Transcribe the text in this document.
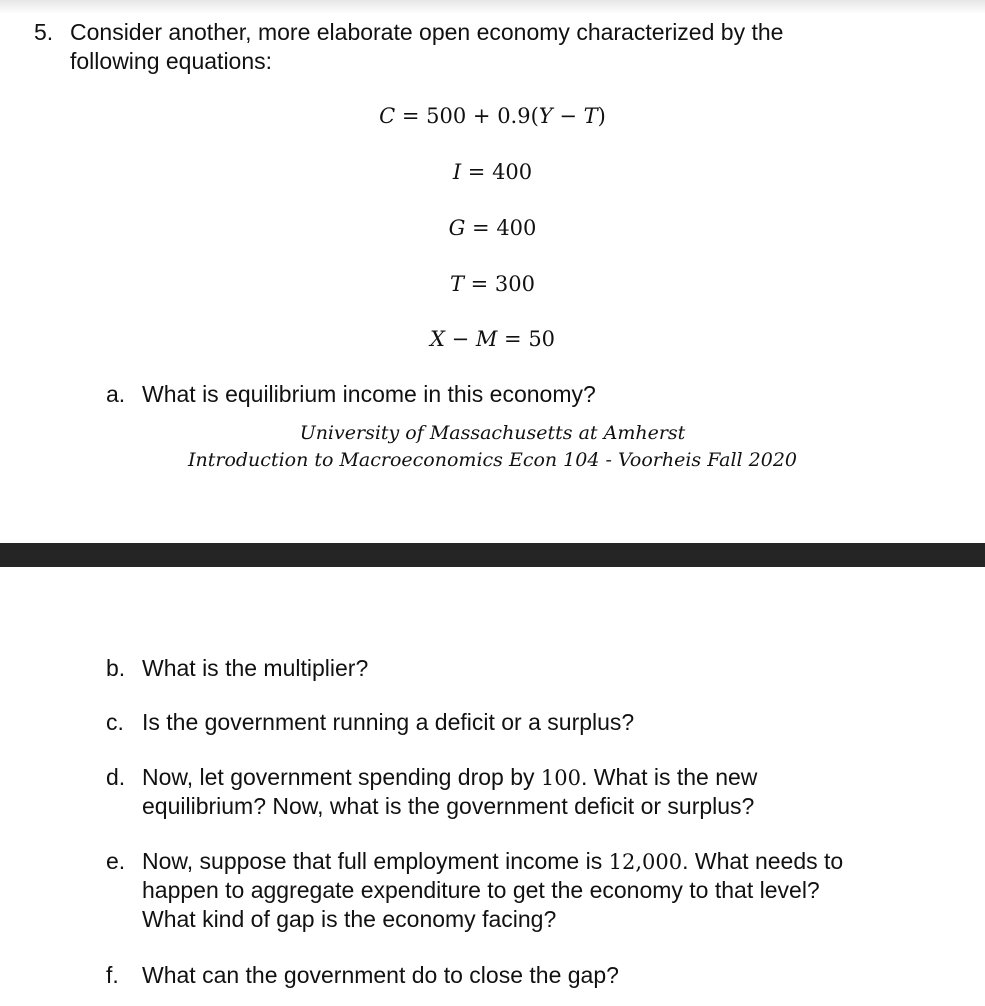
5. Consider another, more elaborate open economy characterized by the
following equations:
C = 500 + 0.9(Y − T)
I = 400
G = 400
T = 300
X − M = 50
a. What is equilibrium income in this economy?
University of Massachusetts at Amherst
Introduction to Macroeconomics Econ 104 - Voorheis Fall 2020
b. What is the multiplier?
c. Is the government running a deficit or a surplus?
d. Now, let government spending drop by 100. What is the new
equilibrium? Now, what is the government deficit or surplus?
e. Now, suppose that full employment income is 12,000. What needs to
happen to aggregate expenditure to get the economy to that level?
What kind of gap is the economy facing?
f. What can the government do to close the gap?
